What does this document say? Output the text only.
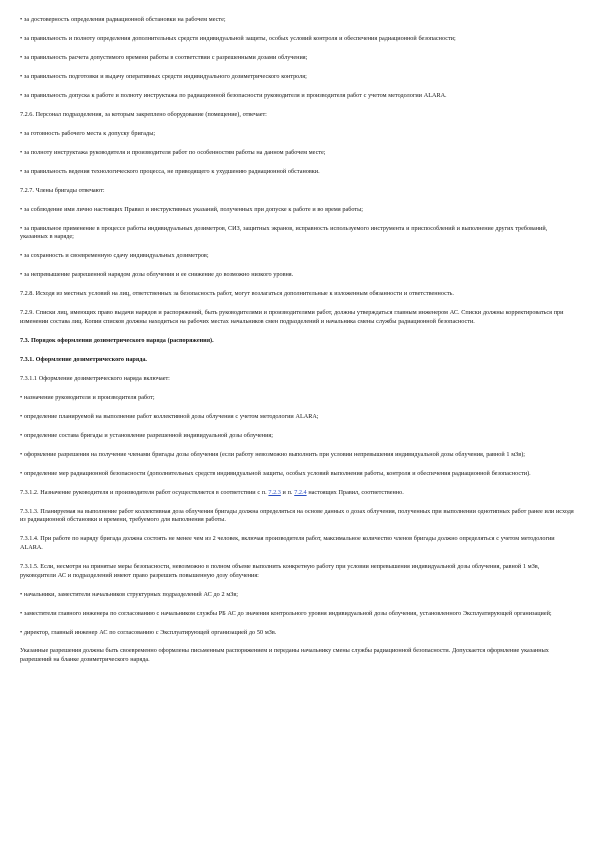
• за достоверность определения радиационной обстановки на рабочем месте;
• за правильность и полноту определения дополнительных средств индивидуальной защиты, особых условий контроля и обеспечения радиационной безопасности;
• за правильность расчета допустимого времени работы в соответствии с разрешенными дозами облучения;
• за правильность подготовки и выдачу оперативных средств индивидуального дозиметрического контроля;
• за правильность допуска к работе и полноту инструктажа по радиационной безопасности руководителя и производителя работ с учетом методологии ALARA.
7.2.6. Персонал подразделения, за которым закреплено оборудование (помещение), отвечает:
• за готовность рабочего места к допуску бригады;
• за полноту инструктажа руководителя и производителя работ по особенностям работы на данном рабочем месте;
• за правильность ведения технологического процесса, не приводящего к ухудшению радиационной обстановки.
7.2.7. Члены бригады отвечают:
• за соблюдение ими лично настоящих Правил и инструктивных указаний, полученных при допуске к работе и во время работы;
• за правильное применение в процессе работы индивидуальных дозиметров, СИЗ, защитных экранов, исправность используемого инструмента и приспособлений и выполнение других требований, указанных в наряде;
• за сохранность и своевременную сдачу индивидуальных дозиметров;
• за непревышение разрешенной нарядом дозы облучения и ее снижение до возможно низкого уровня.
7.2.8. Исходя из местных условий на лиц, ответственных за безопасность работ, могут возлагаться дополнительные к изложенным обязанности и ответственность.
7.2.9. Списки лиц, имеющих право выдачи нарядов и распоряжений, быть руководителями и производителями работ, должны утверждаться главным инженером АС. Списки должны корректироваться при изменении состава лиц. Копии списков должны находиться на рабочих местах начальников смен подразделений и начальника смены службы радиационной безопасности.
7.3. Порядок оформления дозиметрического наряда (распоряжения).
7.3.1. Оформление дозиметрического наряда.
7.3.1.1 Оформление дозиметрического наряда включает:
• назначение руководителя и производителя работ;
• определение планируемой на выполнение работ коллективной дозы облучения с учетом методологии ALARA;
• определение состава бригады и установление разрешенной индивидуальной дозы облучения;
• оформление разрешения на получение членами бригады дозы облучения (если работу невозможно выполнить при условии непревышения индивидуальной дозы облучения, равной 1 мЗв);
• определение мер радиационной безопасности (дополнительных средств индивидуальной защиты, особых условий выполнения работы, контроля и обеспечения радиационной безопасности).
7.3.1.2. Назначение руководителя и производителя работ осуществляется в соответствии с п. 7.2.3 и п. 7.2.4 настоящих Правил, соответственно.
7.3.1.3. Планируемая на выполнение работ коллективная доза облучения бригады должна определяться на основе данных о дозах облучения, полученных при выполнении однотипных работ ранее или исходя из радиационной обстановки и времени, требуемого для выполнения работы.
7.3.1.4. При работе по наряду бригада должна состоять не менее чем из 2 человек, включая производителя работ, максимальное количество членов бригады должно определяться с учетом методологии ALARA.
7.3.1.5. Если, несмотря на принятые меры безопасности, невозможно в полном объеме выполнить конкретную работу при условии непревышения индивидуальной дозы облучения, равной 1 мЗв, руководители АС и подразделений имеют право разрешить повышенную дозу облучения:
• начальники, заместители начальников структурных подразделений АС до 2 мЗв;
• заместители главного инженера по согласованию с начальником службы РБ АС до значения контрольного уровня индивидуальной дозы облучения, установленного Эксплуатирующей организацией;
• директор, главный инженер АС по согласованию с Эксплуатирующей организацией до 50 мЗв.
Указанные разрешения должны быть своевременно оформлены письменным распоряжением и переданы начальнику смены службы радиационной безопасности. Допускается оформление указанных разрешений на бланке дозиметрического наряда.
